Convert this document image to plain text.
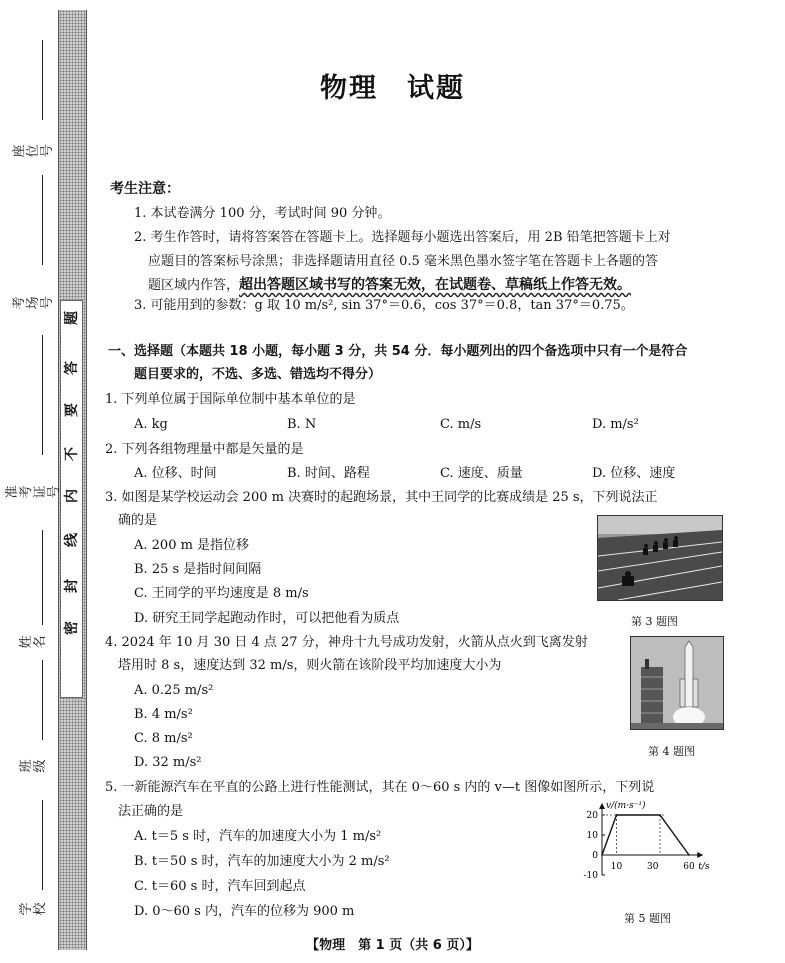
题
答
要
不
内
线
封
密
座位号
考场号
准考证号
姓名
班级
学校
物理　试题
考生注意：
1. 本试卷满分 100 分，考试时间 90 分钟。
2. 考生作答时，请将答案答在答题卡上。选择题每小题选出答案后，用 2B 铅笔把答题卡上对
应题目的答案标号涂黑；非选择题请用直径 0.5 毫米黑色墨水签字笔在答题卡上各题的答
题区域内作答，超出答题区域书写的答案无效，在试题卷、草稿纸上作答无效。
3. 可能用到的参数：g 取 10 m/s², sin 37°＝0.6，cos 37°＝0.8，tan 37°＝0.75。
一、选择题（本题共 18 小题，每小题 3 分，共 54 分．每小题列出的四个备选项中只有一个是符合
题目要求的，不选、多选、错选均不得分）
1. 下列单位属于国际单位制中基本单位的是
A. kg	B. N	C. m/s	D. m/s²
2. 下列各组物理量中都是矢量的是
A. 位移、时间	B. 时间、路程	C. 速度、质量	D. 位移、速度
3. 如图是某学校运动会 200 m 决赛时的起跑场景，其中王同学的比赛成绩是 25 s，下列说法正
确的是
A. 200 m 是指位移
B. 25 s 是指时间间隔
C. 王同学的平均速度是 8 m/s
D. 研究王同学起跑动作时，可以把他看为质点	第 3 题图
4. 2024 年 10 月 30 日 4 点 27 分，神舟十九号成功发射，火箭从点火到飞离发射
塔用时 8 s，速度达到 32 m/s，则火箭在该阶段平均加速度大小为
A. 0.25 m/s²
B. 4 m/s²
C. 8 m/s²
D. 32 m/s²
第 4 题图
5. 一新能源汽车在平直的公路上进行性能测试，其在 0～60 s 内的 v—t 图像如图所示，下列说
法正确的是
A. t＝5 s 时，汽车的加速度大小为 1 m/s²
B. t＝50 s 时，汽车的加速度大小为 2 m/s²
C. t＝60 s 时，汽车回到起点
D. 0～60 s 内，汽车的位移为 900 m
v/(m·s⁻¹)
t/s
20
10
0
-10
10	30	60
第 5 题图
【物理　第 1 页（共 6 页）】
